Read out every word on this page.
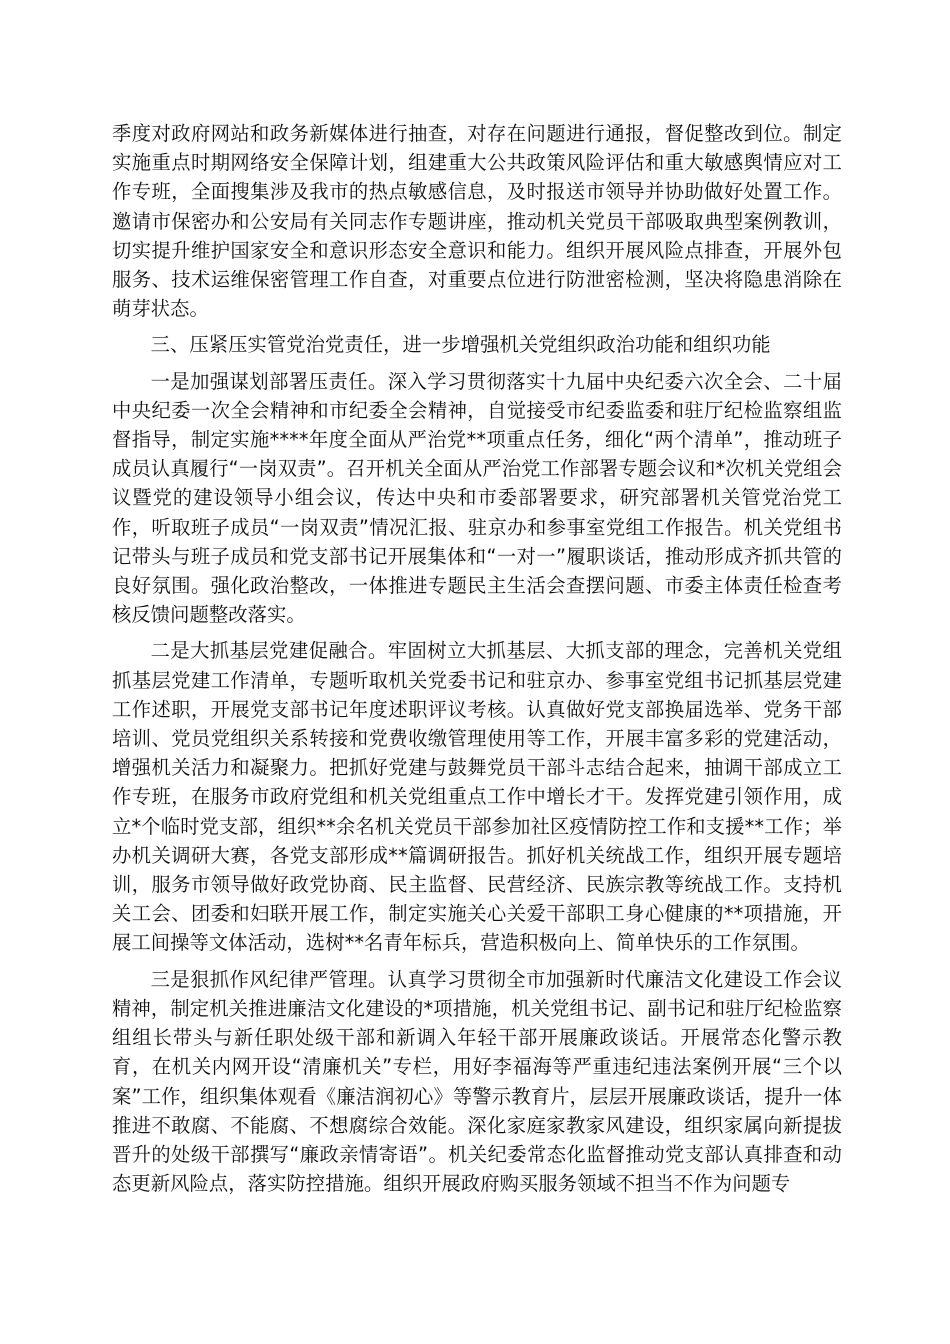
季度对政府网站和政务新媒体进行抽查，对存在问题进行通报，督促整改到位。制定实施重点时期网络安全保障计划，组建重大公共政策风险评估和重大敏感舆情应对工作专班，全面搜集涉及我市的热点敏感信息，及时报送市领导并协助做好处置工作。邀请市保密办和公安局有关同志作专题讲座，推动机关党员干部吸取典型案例教训，切实提升维护国家安全和意识形态安全意识和能力。组织开展风险点排查，开展外包服务、技术运维保密管理工作自查，对重要点位进行防泄密检测，坚决将隐患消除在萌芽状态。

三、压紧压实管党治党责任，进一步增强机关党组织政治功能和组织功能

一是加强谋划部署压责任。深入学习贯彻落实十九届中央纪委六次全会、二十届中央纪委一次全会精神和市纪委全会精神，自觉接受市纪委监委和驻厅纪检监察组监督指导，制定实施****年度全面从严治党**项重点任务，细化“两个清单”，推动班子成员认真履行“一岗双责”。召开机关全面从严治党工作部署专题会议和*次机关党组会议暨党的建设领导小组会议，传达中央和市委部署要求，研究部署机关管党治党工作，听取班子成员“一岗双责”情况汇报、驻京办和参事室党组工作报告。机关党组书记带头与班子成员和党支部书记开展集体和“一对一”履职谈话，推动形成齐抓共管的良好氛围。强化政治整改，一体推进专题民主生活会查摆问题、市委主体责任检查考核反馈问题整改落实。

二是大抓基层党建促融合。牢固树立大抓基层、大抓支部的理念，完善机关党组抓基层党建工作清单，专题听取机关党委书记和驻京办、参事室党组书记抓基层党建工作述职，开展党支部书记年度述职评议考核。认真做好党支部换届选举、党务干部培训、党员党组织关系转接和党费收缴管理使用等工作，开展丰富多彩的党建活动，增强机关活力和凝聚力。把抓好党建与鼓舞党员干部斗志结合起来，抽调干部成立工作专班，在服务市政府党组和机关党组重点工作中增长才干。发挥党建引领作用，成立*个临时党支部，组织**余名机关党员干部参加社区疫情防控工作和支援**工作；举办机关调研大赛，各党支部形成**篇调研报告。抓好机关统战工作，组织开展专题培训，服务市领导做好政党协商、民主监督、民营经济、民族宗教等统战工作。支持机关工会、团委和妇联开展工作，制定实施关心关爱干部职工身心健康的**项措施，开展工间操等文体活动，选树**名青年标兵，营造积极向上、简单快乐的工作氛围。

三是狠抓作风纪律严管理。认真学习贯彻全市加强新时代廉洁文化建设工作会议精神，制定机关推进廉洁文化建设的*项措施，机关党组书记、副书记和驻厅纪检监察组组长带头与新任职处级干部和新调入年轻干部开展廉政谈话。开展常态化警示教育，在机关内网开设“清廉机关”专栏，用好李福海等严重违纪违法案例开展“三个以案”工作，组织集体观看《廉洁润初心》等警示教育片，层层开展廉政谈话，提升一体推进不敢腐、不能腐、不想腐综合效能。深化家庭家教家风建设，组织家属向新提拔晋升的处级干部撰写“廉政亲情寄语”。机关纪委常态化监督推动党支部认真排查和动态更新风险点，落实防控措施。组织开展政府购买服务领域不担当不作为问题专
